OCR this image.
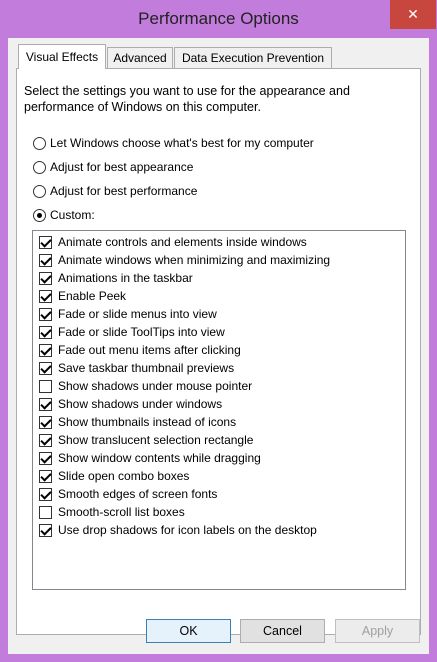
Performance Options	✕
Visual Effects	Advanced	Data Execution Prevention
Select the settings you want to use for the appearance and performance of Windows on this computer.
Let Windows choose what's best for my computer
Adjust for best appearance
Adjust for best performance
Custom:
Animate controls and elements inside windows
Animate windows when minimizing and maximizing
Animations in the taskbar
Enable Peek
Fade or slide menus into view
Fade or slide ToolTips into view
Fade out menu items after clicking
Save taskbar thumbnail previews
Show shadows under mouse pointer
Show shadows under windows
Show thumbnails instead of icons
Show translucent selection rectangle
Show window contents while dragging
Slide open combo boxes
Smooth edges of screen fonts
Smooth-scroll list boxes
Use drop shadows for icon labels on the desktop
OK	Cancel	Apply
